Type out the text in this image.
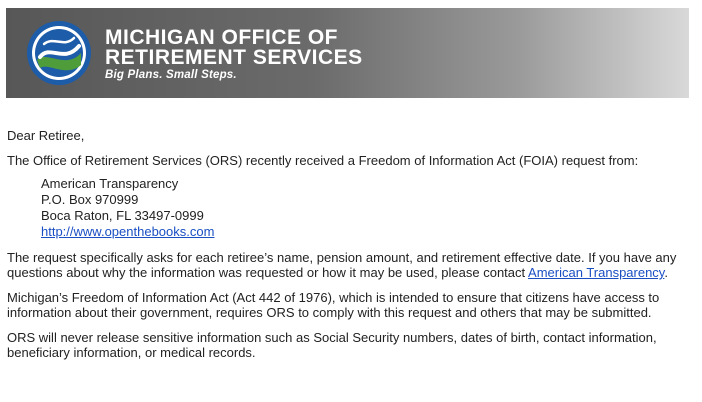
MICHIGAN OFFICE OF
RETIREMENT SERVICES
Big Plans. Small Steps.

Dear Retiree,

The Office of Retirement Services (ORS) recently received a Freedom of Information Act (FOIA) request from:

American Transparency
P.O. Box 970999
Boca Raton, FL 33497-0999
http://www.openthebooks.com

The request specifically asks for each retiree’s name, pension amount, and retirement effective date. If you have any questions about why the information was requested or how it may be used, please contact American Transparency.

Michigan’s Freedom of Information Act (Act 442 of 1976), which is intended to ensure that citizens have access to information about their government, requires ORS to comply with this request and others that may be submitted.

ORS will never release sensitive information such as Social Security numbers, dates of birth, contact information, beneficiary information, or medical records.
